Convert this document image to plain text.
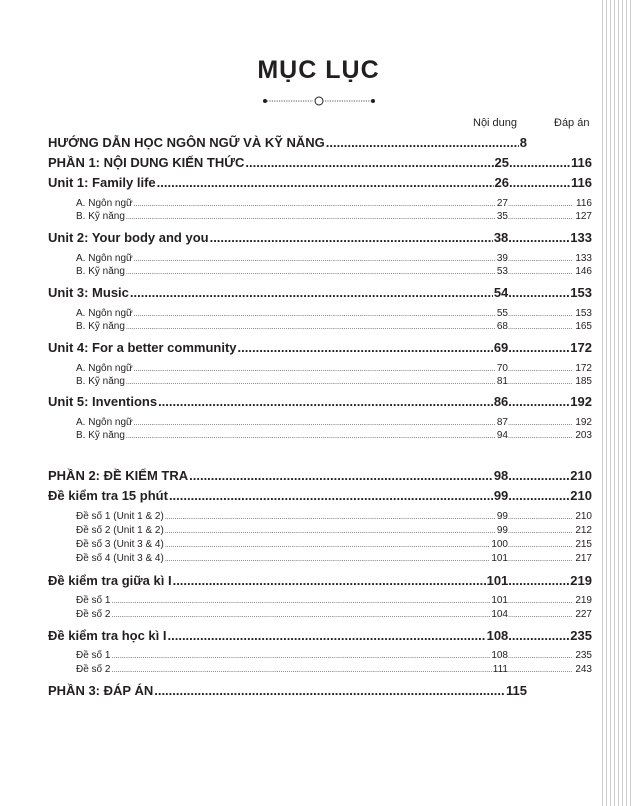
MỤC LỤC
Nội dung	Đáp án
HƯỚNG DẪN HỌC NGÔN NGỮ VÀ KỸ NĂNG .....	8
PHẦN 1: NỘI DUNG KIẾN THỨC .....	25 .....	116
Unit 1: Family life .....	26 .....	116
A. Ngôn ngữ .....	27 .....	116
B. Kỹ năng .....	35 .....	127
Unit 2: Your body and you .....	38 .....	133
A. Ngôn ngữ .....	39 .....	133
B. Kỹ năng .....	53 .....	146
Unit 3: Music .....	54 .....	153
A. Ngôn ngữ .....	55 .....	153
B. Kỹ năng .....	68 .....	165
Unit 4: For a better community .....	69 .....	172
A. Ngôn ngữ .....	70 .....	172
B. Kỹ năng .....	81 .....	185
Unit 5: Inventions .....	86 .....	192
A. Ngôn ngữ .....	87 .....	192
B. Kỹ năng .....	94 .....	203
PHẦN 2: ĐỀ KIỂM TRA .....	98 .....	210
Đề kiểm tra 15 phút .....	99 .....	210
Đề số 1 (Unit 1 & 2) .....	99 .....	210
Đề số 2 (Unit 1 & 2) .....	99 .....	212
Đề số 3 (Unit 3 & 4) .....	100 .....	215
Đề số 4 (Unit 3 & 4) .....	101 .....	217
Đề kiểm tra giữa kì I .....	101 .....	219
Đề số 1 .....	101 .....	219
Đề số 2 .....	104 .....	227
Đề kiểm tra học kì I .....	108 .....	235
Đề số 1 .....	108 .....	235
Đề số 2 .....	111 .....	243
PHẦN 3: ĐÁP ÁN .....	115
